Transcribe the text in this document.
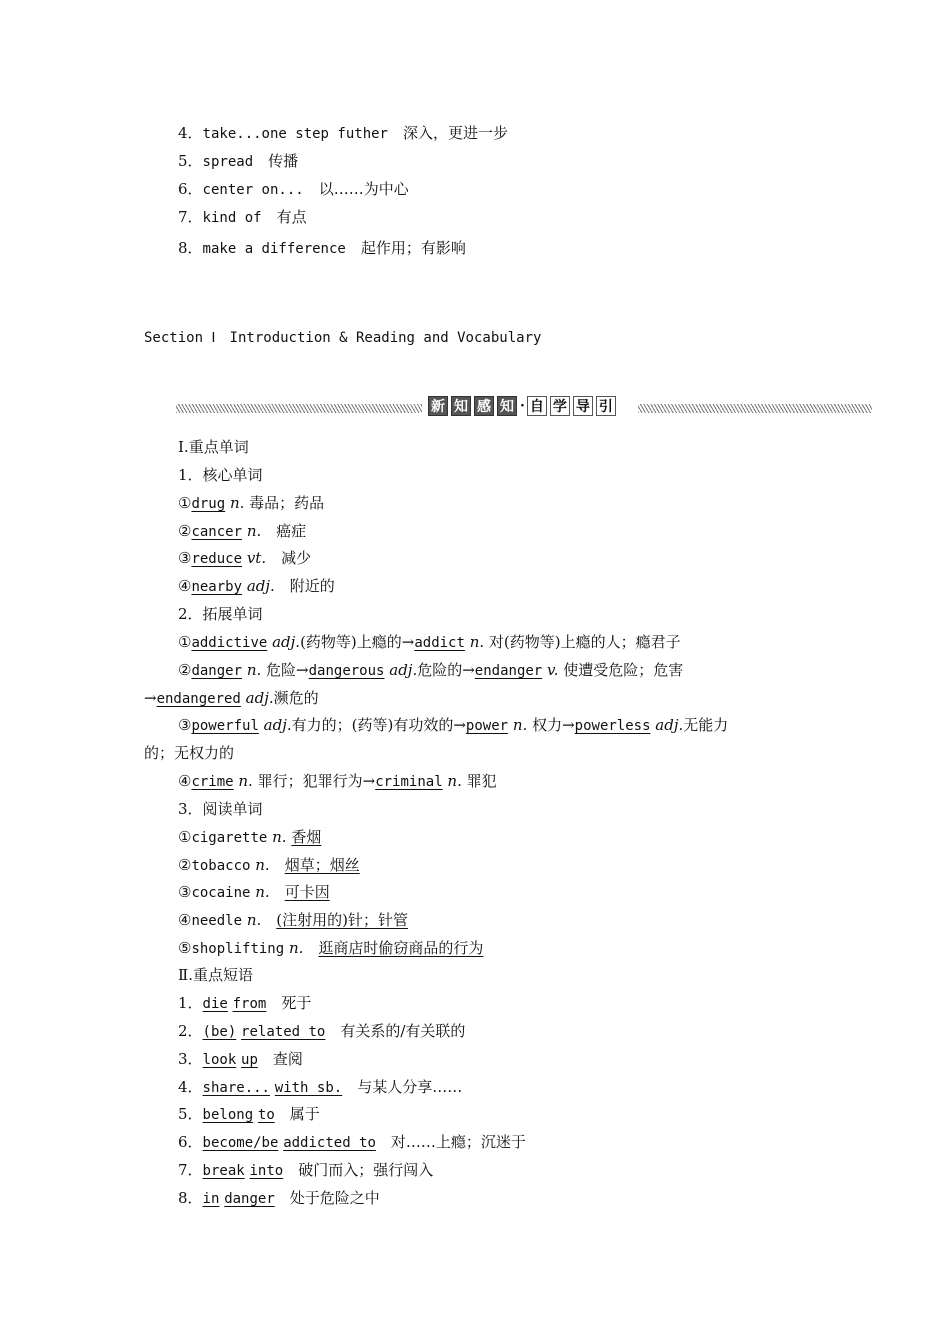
4．take...one step futher　 深入，更进一步
5．spread　 传播
6．center on...　 以……为中心
7．kind of　 有点
8．make a difference　 起作用；有影响
Section Ⅰ　Introduction & Reading and Vocabulary
新 知 感 知 · 自 学 导 引
Ⅰ.重点单词
1．核心单词
①drug n. 毒品；药品
②cancer n.　 癌症
③reduce vt.　 减少
④nearby adj.　 附近的
2．拓展单词
①addictive adj.(药物等)上瘾的→addict n. 对(药物等)上瘾的人；瘾君子
②danger n. 危险→dangerous adj.危险的→endanger v. 使遭受危险；危害
→endangered adj.濒危的
③powerful adj.有力的；(药等)有功效的→power n. 权力→powerless adj.无能力
的；无权力的
④crime n. 罪行；犯罪行为→criminal n. 罪犯
3．阅读单词
①cigarette n. 香烟
②tobacco n.　 烟草；烟丝
③cocaine n.　 可卡因
④needle n.　 (注射用的)针；针管
⑤shoplifting n.　 逛商店时偷窃商品的行为
Ⅱ.重点短语
1．die from　 死于
2．(be) related to　 有关系的/有关联的
3．look up　 查阅
4．share... with sb.　 与某人分享……
5．belong to　 属于
6．become/be addicted to　 对……上瘾；沉迷于
7．break into　 破门而入；强行闯入
8．in danger　 处于危险之中
